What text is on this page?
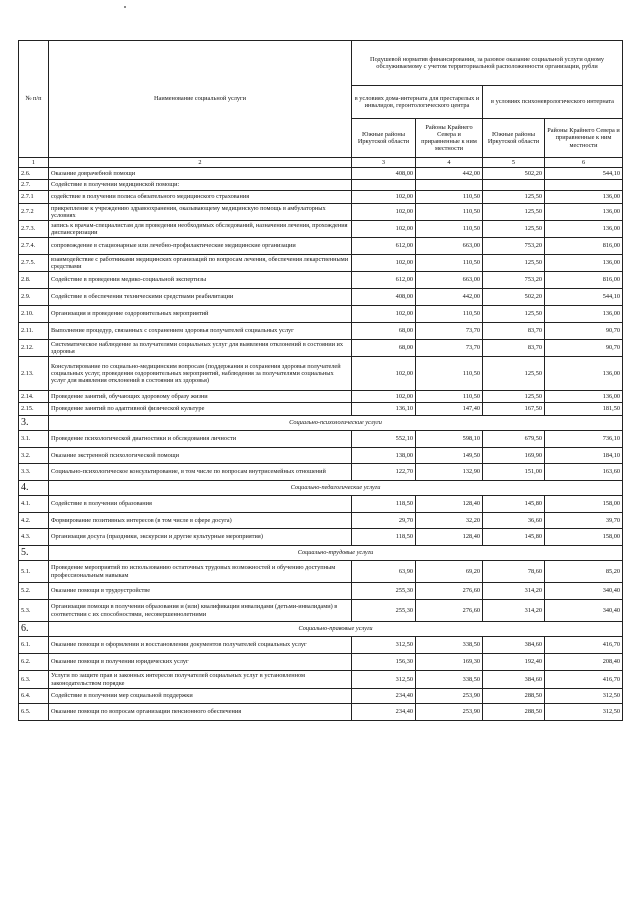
№ п/п	Наименование социальной услуги	Подушевой норматив финансирования, за разовое оказание социальной услуги одному обслуживаемому с учетом территориальной расположенности организации, рубли			
		в условиях дома-интерната для престарелых и инвалидов, геронтологического центра		в условиях психоневрологического интерната	
		Южные районы Иркутской области	Районы Крайнего Севера и приравненные к ним местности	Южные районы Иркутской области	Районы Крайнего Севера и приравненные к ним местности
1	2	3	4	5	6
2.6.	Оказание доврачебной помощи	408,00	442,00	502,20	544,10
2.7.	Содействие в получении медицинской помощи:				
2.7.1	содействие в получении полиса обязательного медицинского страхования	102,00	110,50	125,50	136,00
2.7.2	прикрепление к учреждению здравоохранения, оказывающему медицинскую помощь в амбулаторных условиях	102,00	110,50	125,50	136,00
2.7.3.	запись к врачам-специалистам для проведения необходимых обследований, назначения лечения, прохождения диспансеризации	102,00	110,50	125,50	136,00
2.7.4.	сопровождение в стационарные или лечебно-профилактические медицинские организации	612,00	663,00	753,20	816,00
2.7.5.	взаимодействие с работниками медицинских организаций по вопросам лечения, обеспечения лекарственными средствами	102,00	110,50	125,50	136,00
2.8.	Содействие в проведении медико-социальной экспертизы	612,00	663,00	753,20	816,00
2.9.	Содействие в обеспечении техническими средствами реабилитации	408,00	442,00	502,20	544,10
2.10.	Организация и проведение оздоровительных мероприятий	102,00	110,50	125,50	136,00
2.11.	Выполнение процедур, связанных с сохранением здоровья получателей социальных услуг	68,00	73,70	83,70	90,70
2.12.	Систематическое наблюдение за получателями социальных услуг для выявления отклонений в состоянии их здоровья	68,00	73,70	83,70	90,70
2.13.	Консультирование по социально-медицинским вопросам (поддержания и сохранения здоровья получателей социальных услуг, проведения оздоровительных мероприятий, наблюдения за получателями социальных услуг для выявления отклонений в состоянии их здоровья)	102,00	110,50	125,50	136,00
2.14.	Проведение занятий, обучающих здоровому образу жизни	102,00	110,50	125,50	136,00
2.15.	Проведение занятий по адаптивной физической культуре	136,10	147,40	167,50	181,50
3.	Социально-психологические услуги				
3.1.	Проведение психологической диагностики и обследования личности	552,10	598,10	679,50	736,10
3.2.	Оказание экстренной психологической помощи	138,00	149,50	169,90	184,10
3.3.	Социально-психологическое консультирование, в том числе по вопросам внутрисемейных отношений	122,70	132,90	151,00	163,60
4.	Социально-педагогические услуги				
4.1.	Содействие в получении образования	118,50	128,40	145,80	158,00
4.2.	Формирование позитивных интересов (в том числе в сфере досуга)	29,70	32,20	36,60	39,70
4.3.	Организация досуга (праздники, экскурсии и другие культурные мероприятия)	118,50	128,40	145,80	158,00
5.	Социально-трудовые услуги				
5.1.	Проведение мероприятий по использованию остаточных трудовых возможностей и обучению доступным профессиональным навыкам	63,90	69,20	78,60	85,20
5.2.	Оказание помощи в трудоустройстве	255,30	276,60	314,20	340,40
5.3.	Организация помощи в получении образования и (или) квалификации инвалидами (детьми-инвалидами) в соответствии с их способностями, несовершеннолетними	255,30	276,60	314,20	340,40
6.	Социально-правовые услуги				
6.1.	Оказание помощи в оформлении и восстановлении документов получателей социальных услуг	312,50	338,50	384,60	416,70
6.2.	Оказание помощи в получении юридических услуг	156,30	169,30	192,40	208,40
6.3.	Услуги по защите прав и законных интересов получателей социальных услуг в установленном законодательством порядке	312,50	338,50	384,60	416,70
6.4.	Содействие в получении мер социальной поддержки	234,40	253,90	288,50	312,50
6.5.	Оказание помощи по вопросам организации пенсионного обеспечения	234,40	253,90	288,50	312,50
